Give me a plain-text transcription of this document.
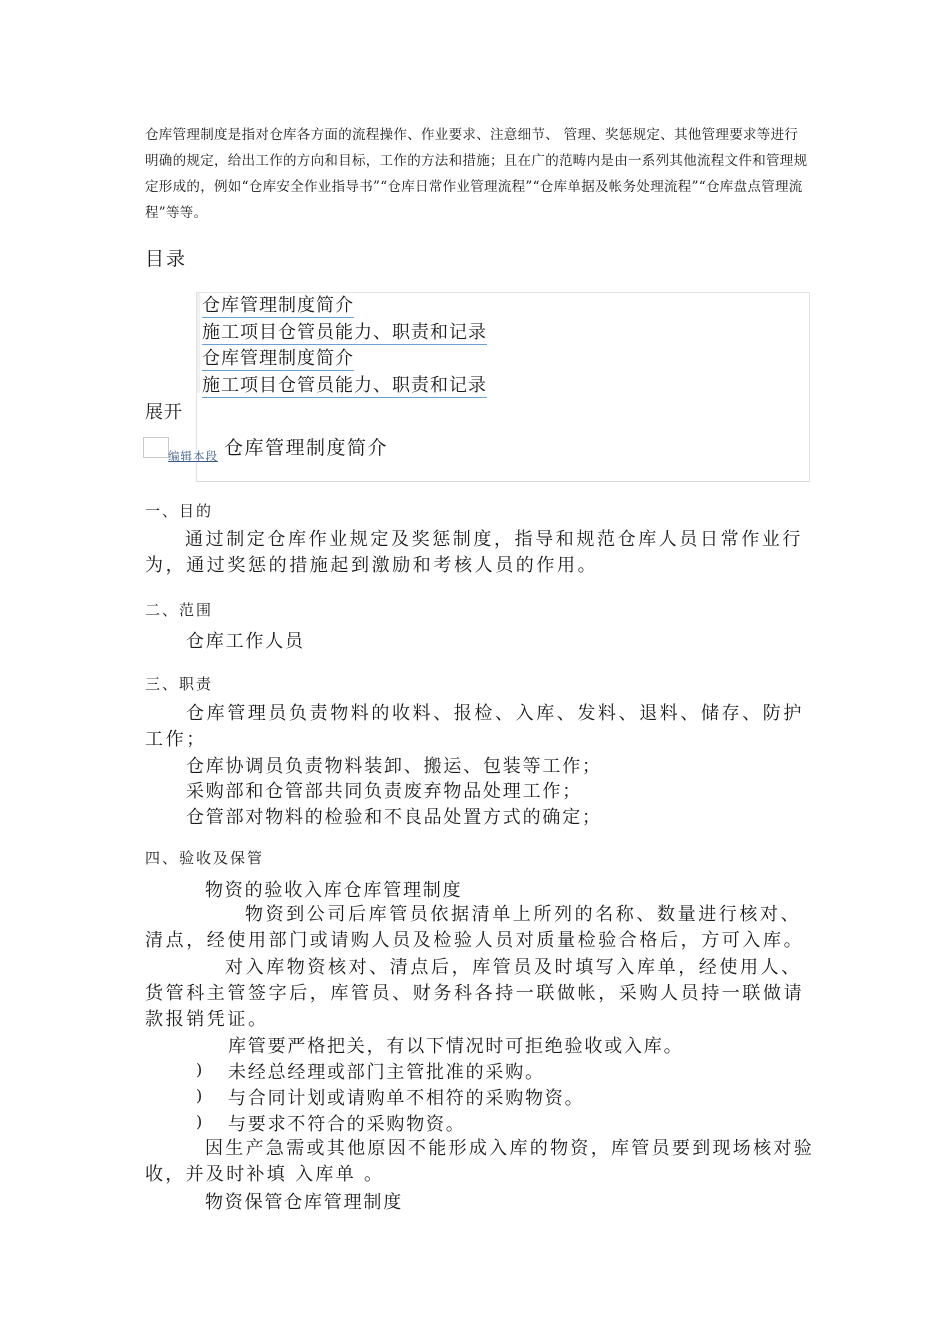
仓库管理制度是指对仓库各方面的流程操作、作业要求、注意细节、 管理、奖惩规定、其他管理要求等进行明确的规定，给出工作的方向和目标，工作的方法和措施；且在广的范畴内是由一系列其他流程文件和管理规定形成的，例如“仓库安全作业指导书”“仓库日常作业管理流程”“仓库单据及帐务处理流程”“仓库盘点管理流程”等等。
目录
仓库管理制度简介
施工项目仓管员能力、职责和记录
仓库管理制度简介
施工项目仓管员能力、职责和记录
展开
编辑本段 仓库管理制度简介
一、目的
通过制定仓库作业规定及奖惩制度，指导和规范仓库人员日常作业行为，通过奖惩的措施起到激励和考核人员的作用。
二、范围
仓库工作人员
三、职责
仓库管理员负责物料的收料、报检、入库、发料、退料、储存、防护工作；
仓库协调员负责物料装卸、搬运、包装等工作；
采购部和仓管部共同负责废弃物品处理工作；
仓管部对物料的检验和不良品处置方式的确定；
四、验收及保管
物资的验收入库仓库管理制度
物资到公司后库管员依据清单上所列的名称、数量进行核对、清点，经使用部门或请购人员及检验人员对质量检验合格后，方可入库。
对入库物资核对、清点后，库管员及时填写入库单，经使用人、货管科主管签字后，库管员、财务科各持一联做帐，采购人员持一联做请款报销凭证。
库管要严格把关，有以下情况时可拒绝验收或入库。
) 未经总经理或部门主管批准的采购。
) 与合同计划或请购单不相符的采购物资。
) 与要求不符合的采购物资。
因生产急需或其他原因不能形成入库的物资，库管员要到现场核对验收，并及时补填 入库单 。
物资保管仓库管理制度
